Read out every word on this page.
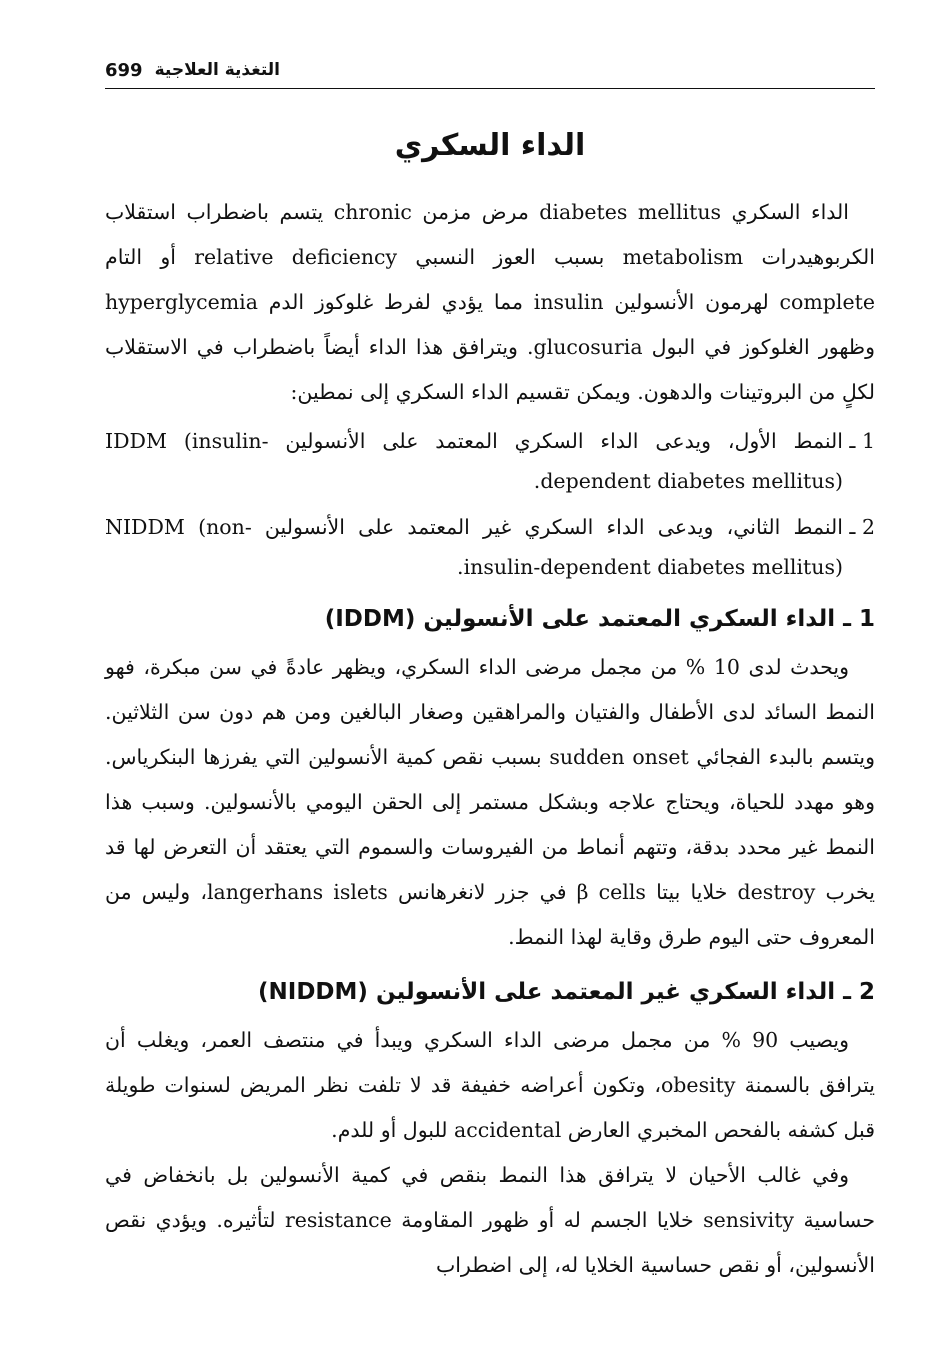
699 التغذية العلاجية
الداء السكري

الداء السكري diabetes mellitus مرض مزمن chronic يتسم باضطراب استقلاب الكربوهيدرات metabolism بسبب العوز النسبي relative deficiency أو التام complete لهرمون الأنسولين insulin مما يؤدي لفرط غلوكوز الدم hyperglycemia وظهور الغلوكوز في البول glucosuria. ويترافق هذا الداء أيضاً باضطراب في الاستقلاب لكلٍ من البروتينات والدهون. ويمكن تقسيم الداء السكري إلى نمطين:

1 ـ
النمط الأول، ويدعى الداء السكري المعتمد على الأنسولين IDDM (insulin-dependent diabetes mellitus).
2 ـ
النمط الثاني، ويدعى الداء السكري غير المعتمد على الأنسولين NIDDM (non-insulin-dependent diabetes mellitus).
1 ـ الداء السكري المعتمد على الأنسولين (IDDM)

ويحدث لدى 10 % من مجمل مرضى الداء السكري، ويظهر عادةً في سن مبكرة، فهو النمط السائد لدى الأطفال والفتيان والمراهقين وصغار البالغين ومن هم دون سن الثلاثين. ويتسم بالبدء الفجائي sudden onset بسبب نقص كمية الأنسولين التي يفرزها البنكرياس. وهو مهدد للحياة، ويحتاج علاجه وبشكل مستمر إلى الحقن اليومي بالأنسولين. وسبب هذا النمط غير محدد بدقة، وتتهم أنماط من الفيروسات والسموم التي يعتقد أن التعرض لها قد يخرب destroy خلايا بيتا β cells في جزر لانغرهانس langerhans islets، وليس من المعروف حتى اليوم طرق وقاية لهذا النمط.

2 ـ الداء السكري غير المعتمد على الأنسولين (NIDDM)

ويصيب 90 % من مجمل مرضى الداء السكري ويبدأ في منتصف العمر، ويغلب أن يترافق بالسمنة obesity، وتكون أعراضه خفيفة قد لا تلفت نظر المريض لسنوات طويلة قبل كشفه بالفحص المخبري العارض accidental للبول أو للدم.

وفي غالب الأحيان لا يترافق هذا النمط بنقص في كمية الأنسولين بل بانخفاض في حساسية sensivity خلايا الجسم له أو ظهور المقاومة resistance لتأثيره. ويؤدي نقص الأنسولين، أو نقص حساسية الخلايا له، إلى اضطراب
